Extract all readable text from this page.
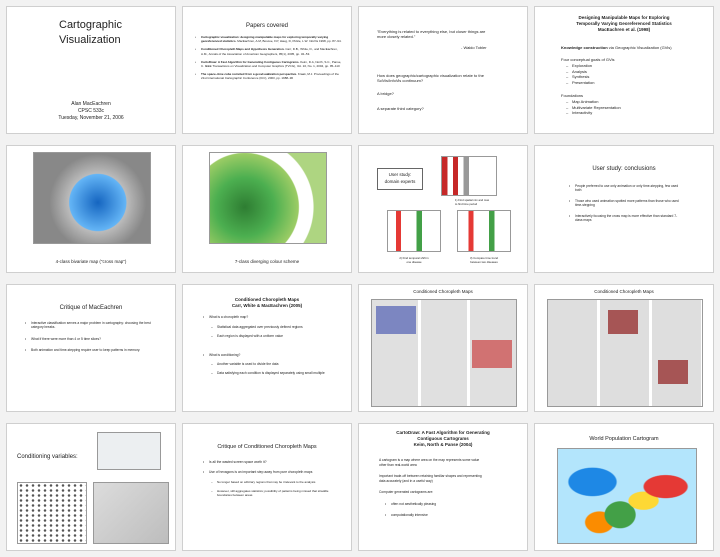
Cartographic
Visualization
Alan MacEachren
CPSC 533c
Tuesday, November 21, 2006
Papers covered
• Cartographic visualization: designing manipulable maps for exploring temporally varying georeferenced statistics. MacEachren, A.M, Boscoe, F.P, Haug, D, Pickle, L.W. InfoVis 1998, pp. 87–94.
• Conditioned Choropleth Maps and Hypothesis Generation. Carr, D.B., White, D., and MacEachren, A.M., Annals of the Association of American Geographers, 95(1), 2005, pp. 32–53.
• CartoDraw: A Fast Algorithm for Generating Contiguous Cartograms. Keim, D.A, North, S.C., Panse, C. IEEE Transactions on Visualization and Computer Graphics (TVCG), Vol. 10, No. 1, 2004, pp. 95–110
• The space–time cube revisited from a geovisualization perspective. Kraak, M.J. Proceedings of the 21st International Cartographic Conference (ICC), 2003, pp. 1988–96
"Everything is related to everything else, but closer things are more closely related."
- Waldo Tobler
How does geographic/cartographic visualization relate to the
SciVis/InfoVis continuum?
A bridge?
A separate third category?
Designing Manipulable Maps for Exploring
Temporally Varying Georeferenced Statistics
MacEachren et al. (1998)
Knowledge construction via Geographic Visualization (GVis)
Four conceptual goals of GVis
– Exploration
– Analysis
– Synthesis
– Presentation
Foundations
– Map Animation
– Multivariate Representation
– Interactivity
4-class bivariate map ("cross map")	7-class diverging colour scheme
User study:
domain experts
1) Find spatial mix and max
to find time period
2) Find temporal shift in
one disease
3) Compare time trend
between two diseases
User study: conclusions
• People preferred to use only animation or only time-stepping, few used both
• Those who used animation spotted more patterns than those who used time-stepping
• Interactively focusing the cross map is more effective than standard 7-class maps
Critique of MacEachren
• Interactive classification serves a major problem in cartography: choosing the best category breaks.
• What if there were more than 4 or 5 time slices?
• Both animation and time-stepping require user to keep patterns in memory.
Conditioned Choropleth Maps
Carr, White & MacEachren (2005)
• What is a choropleth map?
– Statistical data aggregated over previously defined regions
– Each region is displayed with a uniform value
• What is conditioning?
– Another variable is used to divide the data
– Data satisfying each condition is displayed separately using small multiple
Conditioned Choropleth Maps	Conditioned Choropleth Maps
Conditioning variables:
Critique of Conditioned Choropleth Maps
• Is all the wasted screen space worth it?
• Use of hexagons is an important step away from pure choropleth maps
– No longer based on arbitrary regions that may be irrelevant to the analysis
– However, still aggregates statistics; possibility of patterns being missed that straddle boundaries between areas
CartoDraw: A Fast Algorithm for Generating
Contiguous Cartograms
Keim, North & Panse (2004)
A cartogram is a map where area on the map represents some value
other than real-world area
Important trade-off between retaining familiar shapes and representing
data accurately (and in a useful way)
Computer generated cartograms are:
• often not aesthetically pleasing
• computationally intensive
World Population Cartogram
